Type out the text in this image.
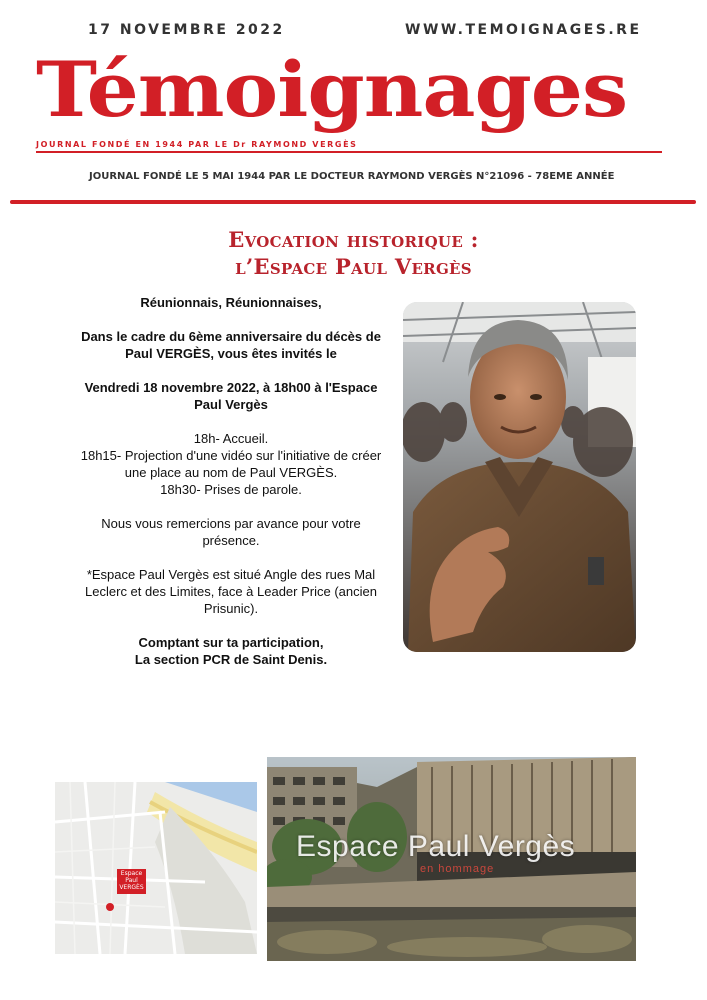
17 NOVEMBRE 2022	WWW.TEMOIGNAGES.RE
Témoignages
JOURNAL FONDÉ EN 1944 PAR LE Dr RAYMOND VERGÈS
JOURNAL FONDÉ LE 5 MAI 1944 PAR LE DOCTEUR RAYMOND VERGÈS N°21096 - 78EME ANNÉE
Evocation historique :
l’Espace Paul Vergès

Réunionnais, Réunionnaises,

Dans le cadre du 6ème anniversaire du décès de Paul VERGÈS, vous êtes invités le

Vendredi 18 novembre 2022, à 18h00 à l'Espace Paul Vergès

18h- Accueil.
18h15- Projection d'une vidéo sur l'initiative de créer une place au nom de Paul VERGÈS.
18h30- Prises de parole.

Nous vous remercions par avance pour votre présence.

*Espace Paul Vergès est situé Angle des rues Mal Leclerc et des Limites, face à Leader Price (ancien Prisunic).

Comptant sur ta participation,
La section PCR de Saint Denis.

Espace Paul VERGÈS
Espace Paul Vergès
en hommage
